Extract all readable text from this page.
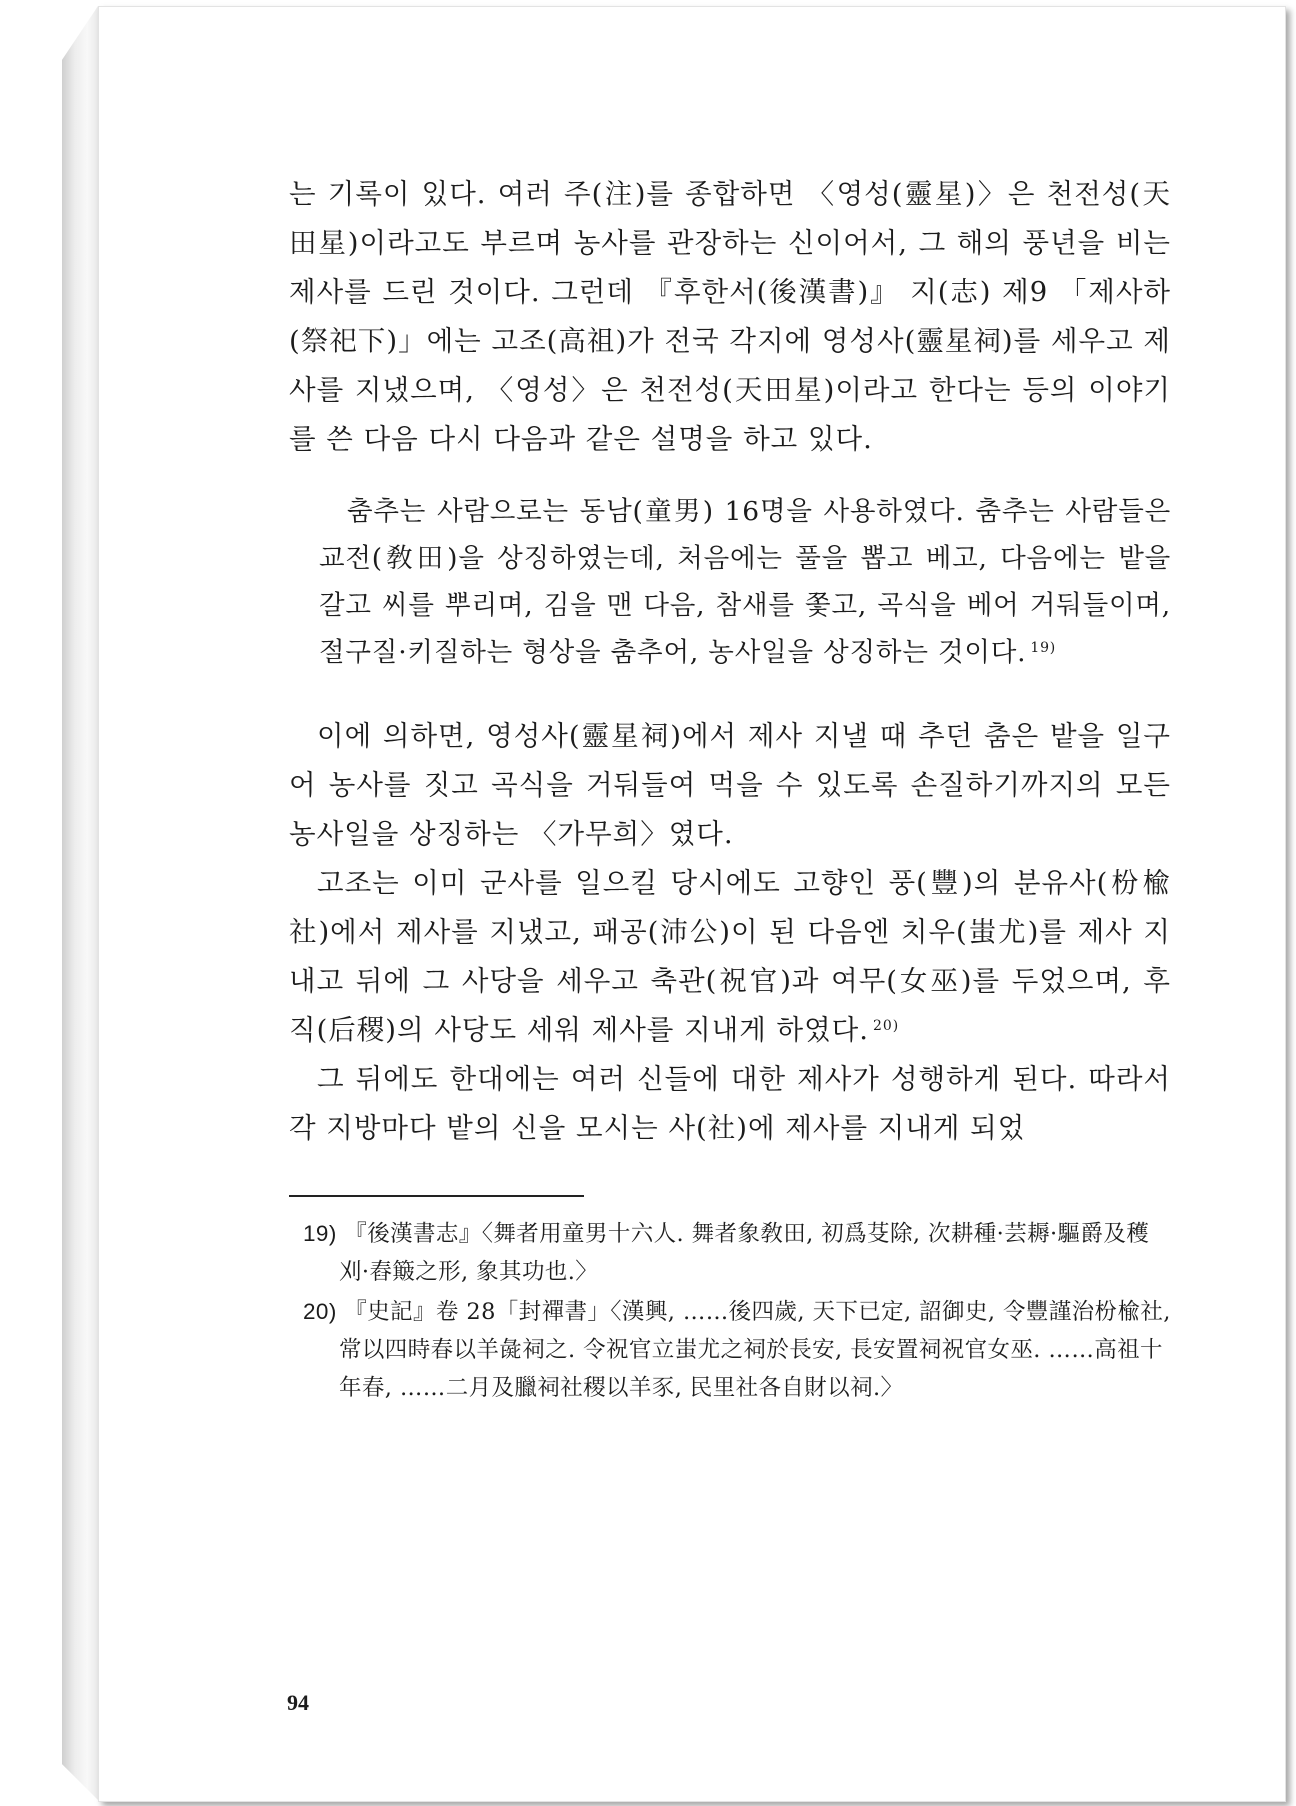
는 기록이 있다. 여러 주(注)를 종합하면 〈영성(靈星)〉은 천전성(天田星)이라고도 부르며 농사를 관장하는 신이어서, 그 해의 풍년을 비는 제사를 드린 것이다. 그런데 『후한서(後漢書)』 지(志) 제9 「제사하(祭祀下)」에는 고조(高祖)가 전국 각지에 영성사(靈星祠)를 세우고 제사를 지냈으며, 〈영성〉은 천전성(天田星)이라고 한다는 등의 이야기를 쓴 다음 다시 다음과 같은 설명을 하고 있다.

춤추는 사람으로는 동남(童男) 16명을 사용하였다. 춤추는 사람들은 교전(敎田)을 상징하였는데, 처음에는 풀을 뽑고 베고, 다음에는 밭을 갈고 씨를 뿌리며, 김을 맨 다음, 참새를 쫓고, 곡식을 베어 거둬들이며, 절구질·키질하는 형상을 춤추어, 농사일을 상징하는 것이다. $^{19)}$

이에 의하면, 영성사(靈星祠)에서 제사 지낼 때 추던 춤은 밭을 일구어 농사를 짓고 곡식을 거둬들여 먹을 수 있도록 손질하기까지의 모든 농사일을 상징하는 〈가무희〉였다.

고조는 이미 군사를 일으킬 당시에도 고향인 풍(豐)의 분유사(枌楡社)에서 제사를 지냈고, 패공(沛公)이 된 다음엔 치우(蚩尤)를 제사 지내고 뒤에 그 사당을 세우고 축관(祝官)과 여무(女巫)를 두었으며, 후직(后稷)의 사당도 세워 제사를 지내게 하였다. $^{20)}$

그 뒤에도 한대에는 여러 신들에 대한 제사가 성행하게 된다. 따라서 각 지방마다 밭의 신을 모시는 사(社)에 제사를 지내게 되었

19) 『後漢書志』〈舞者用童男十六人. 舞者象敎田, 初爲芟除, 次耕種·芸耨·驅爵及穫刈·舂簸之形, 象其功也.〉

20) 『史記』卷 28「封禪書」〈漢興, ……後四歲, 天下已定, 詔御史, 令豐謹治枌楡社, 常以四時春以羊彘祠之. 令祝官立蚩尤之祠於長安, 長安置祠祝官女巫. ……高祖十年春, ……二月及臘祠社稷以羊豕, 民里社各自財以祠.〉

94
